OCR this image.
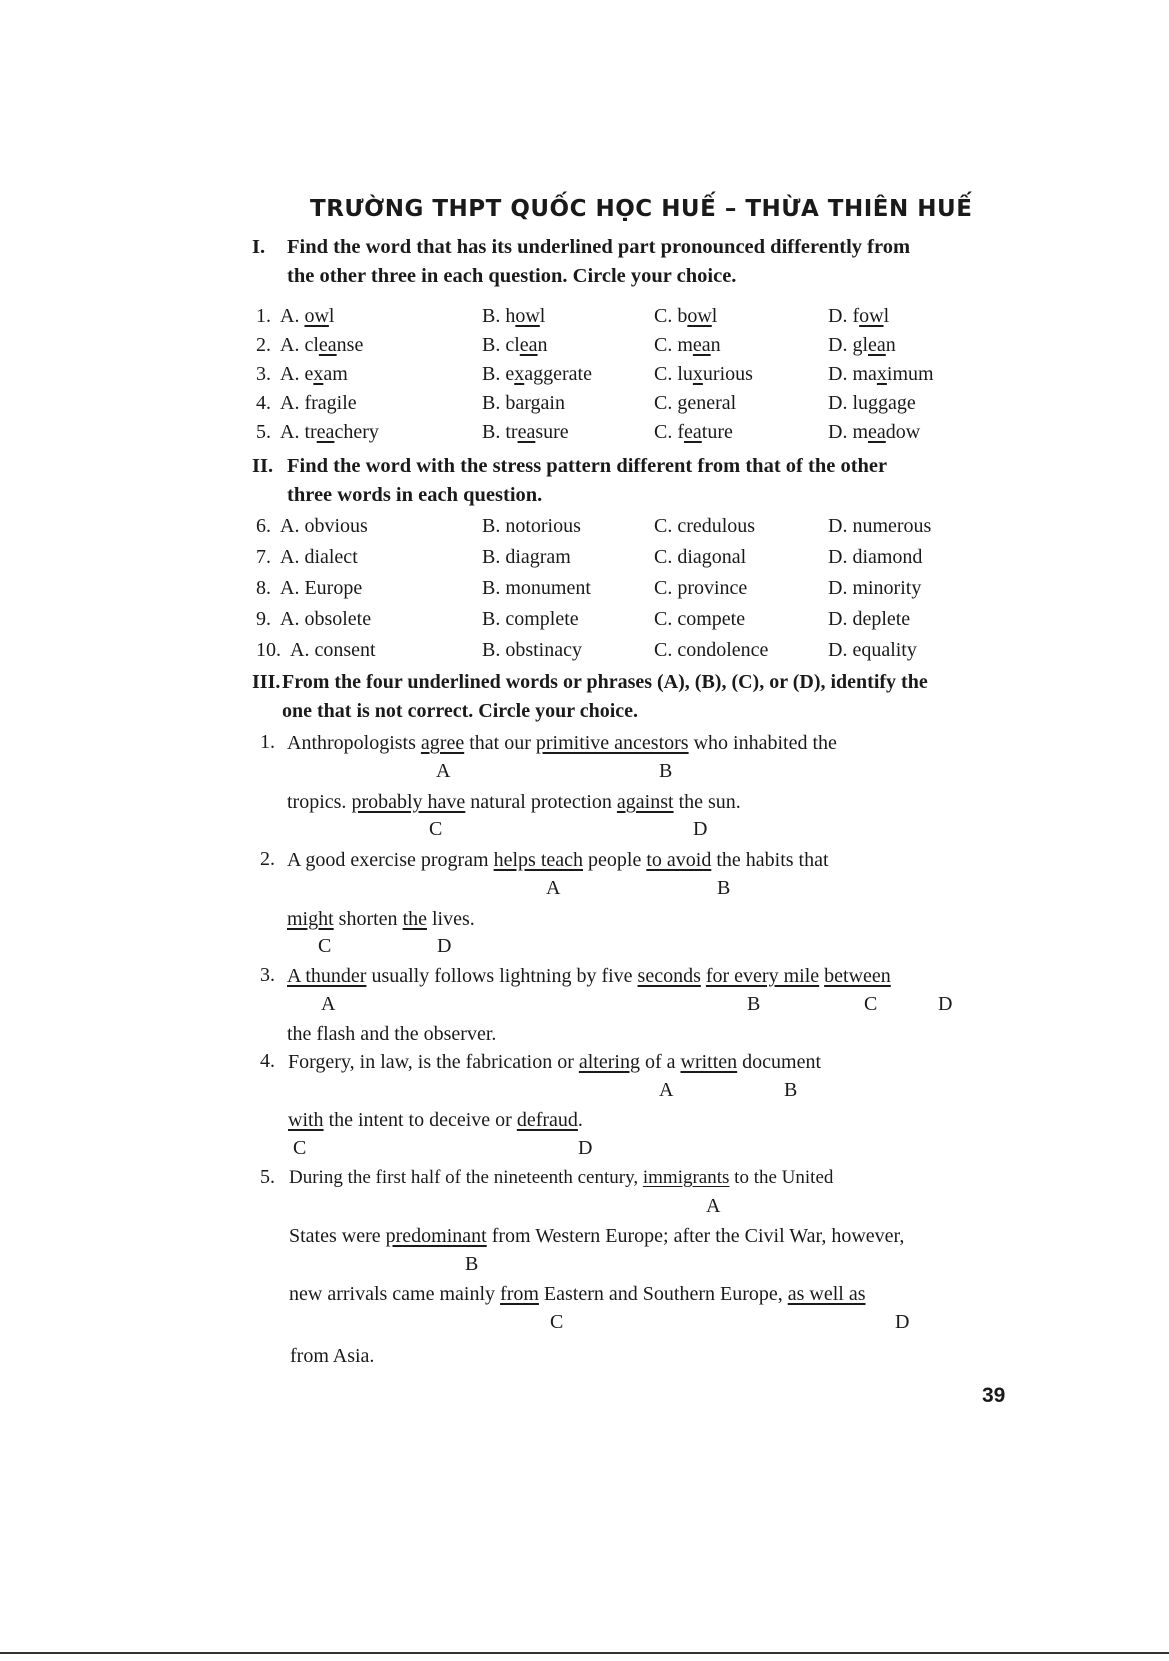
TRƯỜNG THPT QUỐC HỌC HUẾ – THỪA THIÊN HUẾ
I. Find the word that has its underlined part pronounced differently from
the other three in each question. Circle your choice.
1. A. owl	B. howl	C. bowl	D. fowl
2. A. cleanse	B. clean	C. mean	D. glean
3. A. exam	B. exaggerate	C. luxurious	D. maximum
4. A. fragile	B. bargain	C. general	D. luggage
5. A. treachery	B. treasure	C. feature	D. meadow
II. Find the word with the stress pattern different from that of the other
three words in each question.
6. A. obvious	B. notorious	C. credulous	D. numerous
7. A. dialect	B. diagram	C. diagonal	D. diamond
8. A. Europe	B. monument	C. province	D. minority
9. A. obsolete	B. complete	C. compete	D. deplete
10. A. consent	B. obstinacy	C. condolence	D. equality
III.From the four underlined words or phrases (A), (B), (C), or (D), identify the
one that is not correct. Circle your choice.
1. Anthropologists agree that our primitive ancestors who inhabited the
A	B
tropics. probably have natural protection against the sun.
C	D
2. A good exercise program helps teach people to avoid the habits that
A	B
might shorten the lives.
C	D
3. A thunder usually follows lightning by five seconds for every mile between
A	B	C	D
the flash and the observer.
4. Forgery, in law, is the fabrication or altering of a written document
A	B
with the intent to deceive or defraud.
C	D
5. During the first half of the nineteenth century, immigrants to the United
A
States were predominant from Western Europe; after the Civil War, however,
B
new arrivals came mainly from Eastern and Southern Europe, as well as
C	D
from Asia.
39
